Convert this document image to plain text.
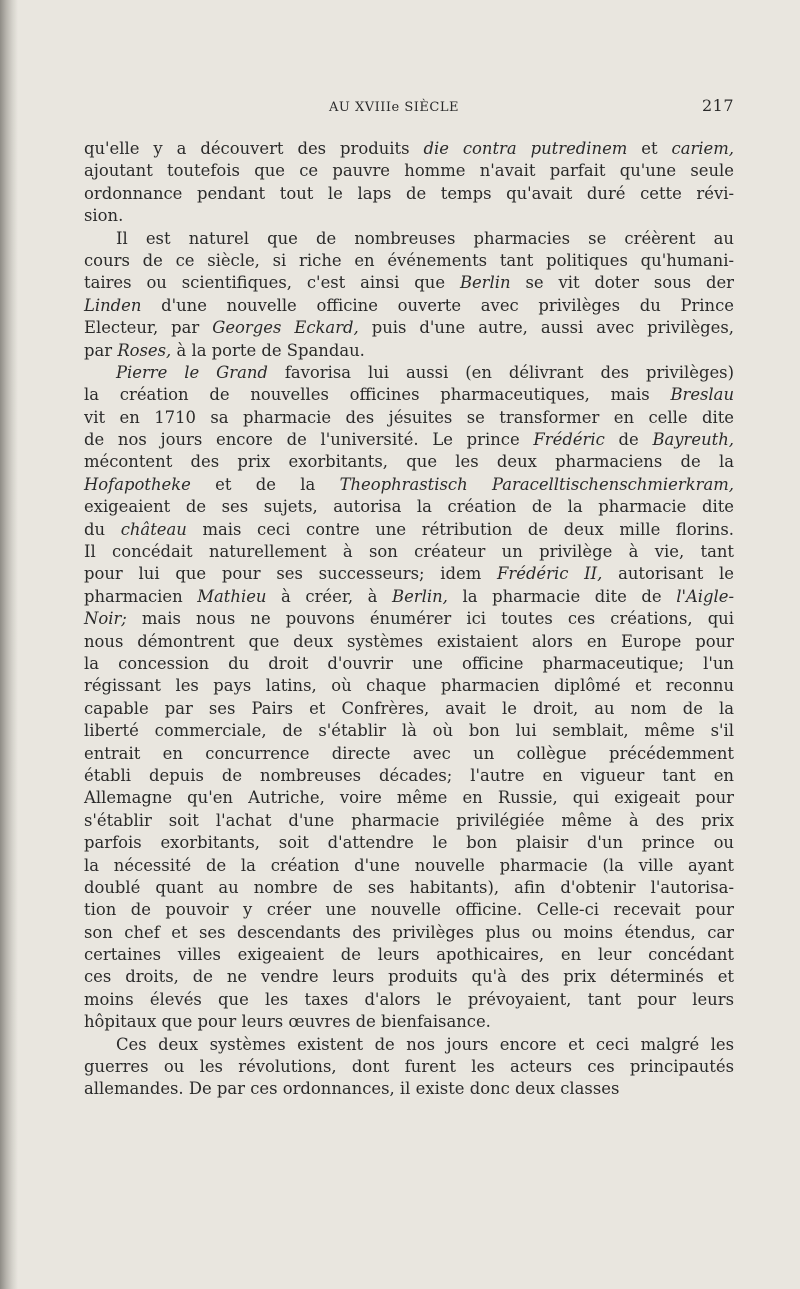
AU XVIIIe SIÈCLE	217
qu'elle y a découvert des produits die contra putredinem et cariem,
ajoutant toutefois que ce pauvre homme n'avait parfait qu'une seule
ordonnance pendant tout le laps de temps qu'avait duré cette révi-
sion.
Il est naturel que de nombreuses pharmacies se créèrent au
cours de ce siècle, si riche en événements tant politiques qu'humani-
taires ou scientifiques, c'est ainsi que Berlin se vit doter sous der
Linden d'une nouvelle officine ouverte avec privilèges du Prince
Electeur, par Georges Eckard, puis d'une autre, aussi avec privilèges,
par Roses, à la porte de Spandau.
Pierre le Grand favorisa lui aussi (en délivrant des privilèges)
la création de nouvelles officines pharmaceutiques, mais Breslau
vit en 1710 sa pharmacie des jésuites se transformer en celle dite
de nos jours encore de l'université. Le prince Frédéric de Bayreuth,
mécontent des prix exorbitants, que les deux pharmaciens de la
Hofapotheke et de la Theophrastisch Paracelltischenschmierkram,
exigeaient de ses sujets, autorisa la création de la pharmacie dite
du château mais ceci contre une rétribution de deux mille florins.
Il concédait naturellement à son créateur un privilège à vie, tant
pour lui que pour ses successeurs; idem Frédéric II, autorisant le
pharmacien Mathieu à créer, à Berlin, la pharmacie dite de l'Aigle-
Noir; mais nous ne pouvons énumérer ici toutes ces créations, qui
nous démontrent que deux systèmes existaient alors en Europe pour
la concession du droit d'ouvrir une officine pharmaceutique; l'un
régissant les pays latins, où chaque pharmacien diplômé et reconnu
capable par ses Pairs et Confrères, avait le droit, au nom de la
liberté commerciale, de s'établir là où bon lui semblait, même s'il
entrait en concurrence directe avec un collègue précédemment
établi depuis de nombreuses décades; l'autre en vigueur tant en
Allemagne qu'en Autriche, voire même en Russie, qui exigeait pour
s'établir soit l'achat d'une pharmacie privilégiée même à des prix
parfois exorbitants, soit d'attendre le bon plaisir d'un prince ou
la nécessité de la création d'une nouvelle pharmacie (la ville ayant
doublé quant au nombre de ses habitants), afin d'obtenir l'autorisa-
tion de pouvoir y créer une nouvelle officine. Celle-ci recevait pour
son chef et ses descendants des privilèges plus ou moins étendus, car
certaines villes exigeaient de leurs apothicaires, en leur concédant
ces droits, de ne vendre leurs produits qu'à des prix déterminés et
moins élevés que les taxes d'alors le prévoyaient, tant pour leurs
hôpitaux que pour leurs œuvres de bienfaisance.
Ces deux systèmes existent de nos jours encore et ceci malgré les
guerres ou les révolutions, dont furent les acteurs ces principautés
allemandes. De par ces ordonnances, il existe donc deux classes
